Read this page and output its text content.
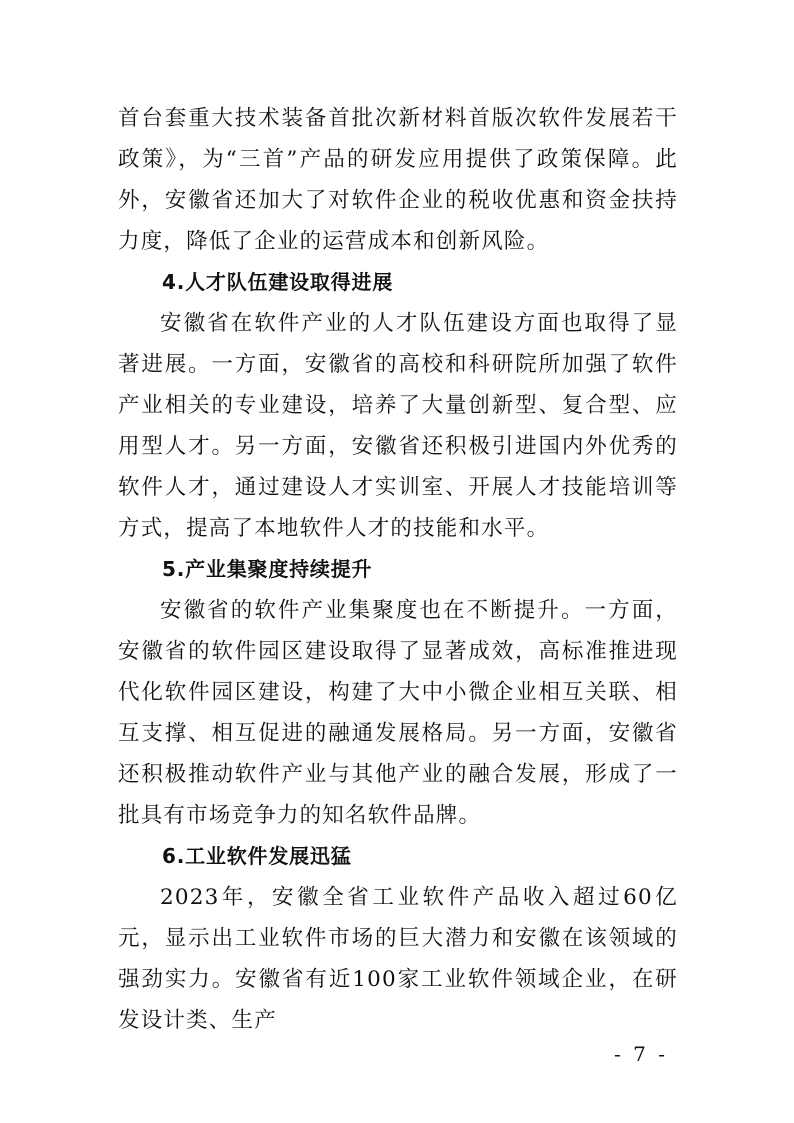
首台套重大技术装备首批次新材料首版次软件发展若干政策》，为“三首”产品的研发应用提供了政策保障。此外，安徽省还加大了对软件企业的税收优惠和资金扶持力度，降低了企业的运营成本和创新风险。

4.人才队伍建设取得进展

安徽省在软件产业的人才队伍建设方面也取得了显著进展。一方面，安徽省的高校和科研院所加强了软件产业相关的专业建设，培养了大量创新型、复合型、应用型人才。另一方面，安徽省还积极引进国内外优秀的软件人才，通过建设人才实训室、开展人才技能培训等方式，提高了本地软件人才的技能和水平。

5.产业集聚度持续提升

安徽省的软件产业集聚度也在不断提升。一方面，安徽省的软件园区建设取得了显著成效，高标准推进现代化软件园区建设，构建了大中小微企业相互关联、相互支撑、相互促进的融通发展格局。另一方面，安徽省还积极推动软件产业与其他产业的融合发展，形成了一批具有市场竞争力的知名软件品牌。

6.工业软件发展迅猛

2023年，安徽全省工业软件产品收入超过60亿元，显示出工业软件市场的巨大潜力和安徽在该领域的强劲实力。安徽省有近100家工业软件领域企业，在研发设计类、生产

- 7 -
